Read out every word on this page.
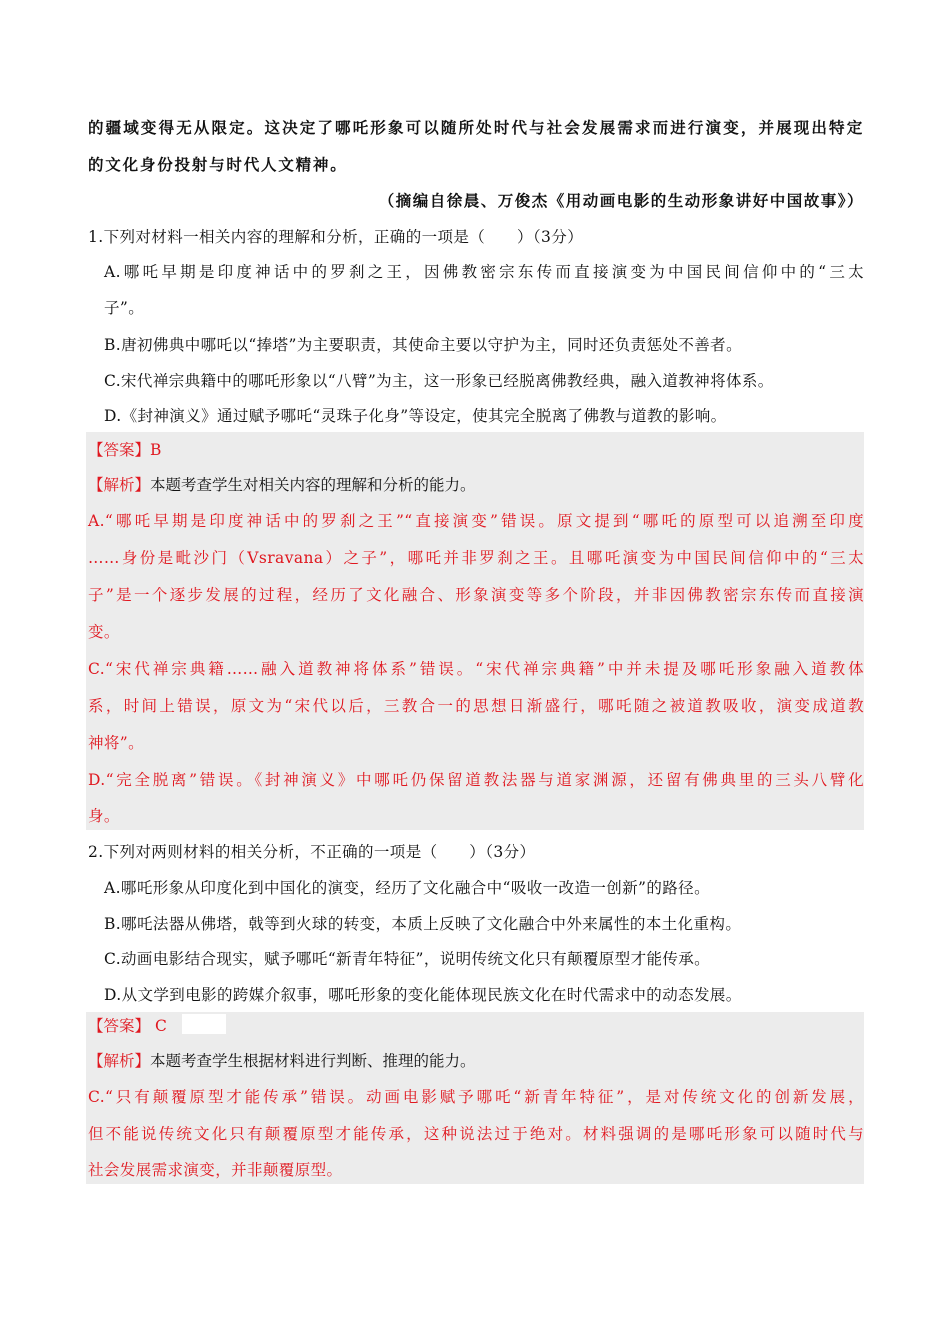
的疆域变得无从限定。这决定了哪吒形象可以随所处时代与社会发展需求而进行演变，并展现出特定
的文化身份投射与时代人文精神。
（摘编自徐晨、万俊杰《用动画电影的生动形象讲好中国故事》）
1.下列对材料一相关内容的理解和分析，正确的一项是（　　）（3分）
A.哪吒早期是印度神话中的罗刹之王，因佛教密宗东传而直接演变为中国民间信仰中的“三太
子”。
B.唐初佛典中哪吒以“捧塔”为主要职责，其使命主要以守护为主，同时还负责惩处不善者。
C.宋代禅宗典籍中的哪吒形象以“八臂”为主，这一形象已经脱离佛教经典，融入道教神将体系。
D.《封神演义》通过赋予哪吒“灵珠子化身”等设定，使其完全脱离了佛教与道教的影响。
【答案】B
【解析】本题考查学生对相关内容的理解和分析的能力。
A.“哪吒早期是印度神话中的罗刹之王”“直接演变”错误。原文提到“哪吒的原型可以追溯至印度
……身份是毗沙门（Vsravana）之子”，哪吒并非罗刹之王。且哪吒演变为中国民间信仰中的“三太
子”是一个逐步发展的过程，经历了文化融合、形象演变等多个阶段，并非因佛教密宗东传而直接演
变。
C.“宋代禅宗典籍……融入道教神将体系”错误。“宋代禅宗典籍”中并未提及哪吒形象融入道教体
系，时间上错误，原文为“宋代以后，三教合一的思想日渐盛行，哪吒随之被道教吸收，演变成道教
神将”。
D.“完全脱离”错误。《封神演义》中哪吒仍保留道教法器与道家渊源，还留有佛典里的三头八臂化
身。
2.下列对两则材料的相关分析，不正确的一项是（　　）（3分）
A.哪吒形象从印度化到中国化的演变，经历了文化融合中“吸收一改造一创新”的路径。
B.哪吒法器从佛塔，戟等到火球的转变，本质上反映了文化融合中外来属性的本土化重构。
C.动画电影结合现实，赋予哪吒“新青年特征”，说明传统文化只有颠覆原型才能传承。
D.从文学到电影的跨媒介叙事，哪吒形象的变化能体现民族文化在时代需求中的动态发展。
【答案】 C
【解析】本题考查学生根据材料进行判断、推理的能力。
C.“只有颠覆原型才能传承”错误。动画电影赋予哪吒“新青年特征”，是对传统文化的创新发展，
但不能说传统文化只有颠覆原型才能传承，这种说法过于绝对。材料强调的是哪吒形象可以随时代与
社会发展需求演变，并非颠覆原型。
